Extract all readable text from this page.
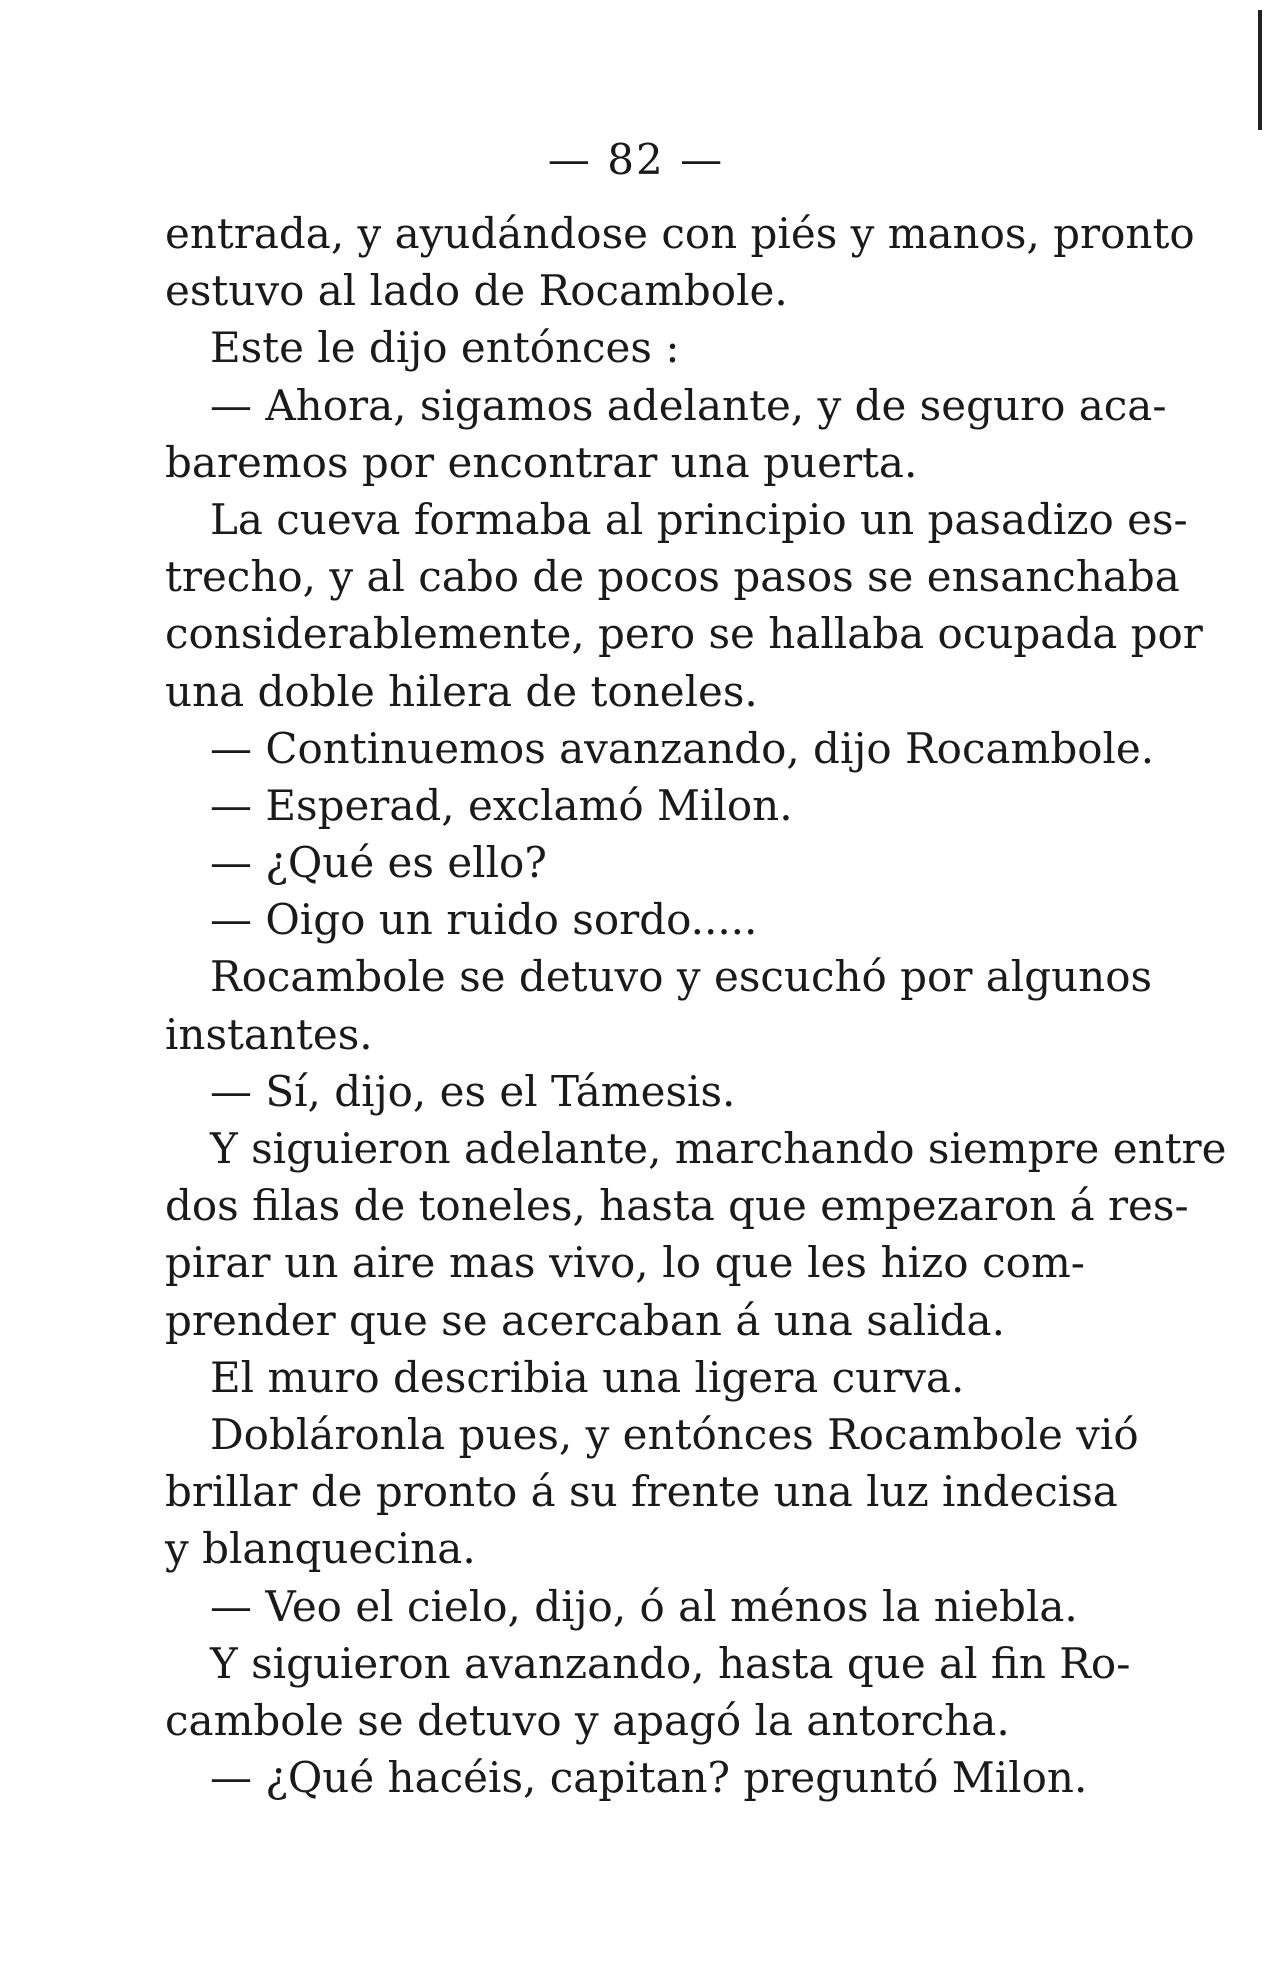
— 82 —
entrada, y ayudándose con piés y manos, pronto
estuvo al lado de Rocambole.
Este le dijo entónces :
— Ahora, sigamos adelante, y de seguro aca-
baremos por encontrar una puerta.
La cueva formaba al principio un pasadizo es-
trecho, y al cabo de pocos pasos se ensanchaba
considerablemente, pero se hallaba ocupada por
una doble hilera de toneles.
— Continuemos avanzando, dijo Rocambole.
— Esperad, exclamó Milon.
— ¿Qué es ello?
— Oigo un ruido sordo.....
Rocambole se detuvo y escuchó por algunos
instantes.
— Sí, dijo, es el Támesis.
Y siguieron adelante, marchando siempre entre
dos filas de toneles, hasta que empezaron á res-
pirar un aire mas vivo, lo que les hizo com-
prender que se acercaban á una salida.
El muro describia una ligera curva.
Dobláronla pues, y entónces Rocambole vió
brillar de pronto á su frente una luz indecisa
y blanquecina.
— Veo el cielo, dijo, ó al ménos la niebla.
Y siguieron avanzando, hasta que al fin Ro-
cambole se detuvo y apagó la antorcha.
— ¿Qué hacéis, capitan? preguntó Milon.
